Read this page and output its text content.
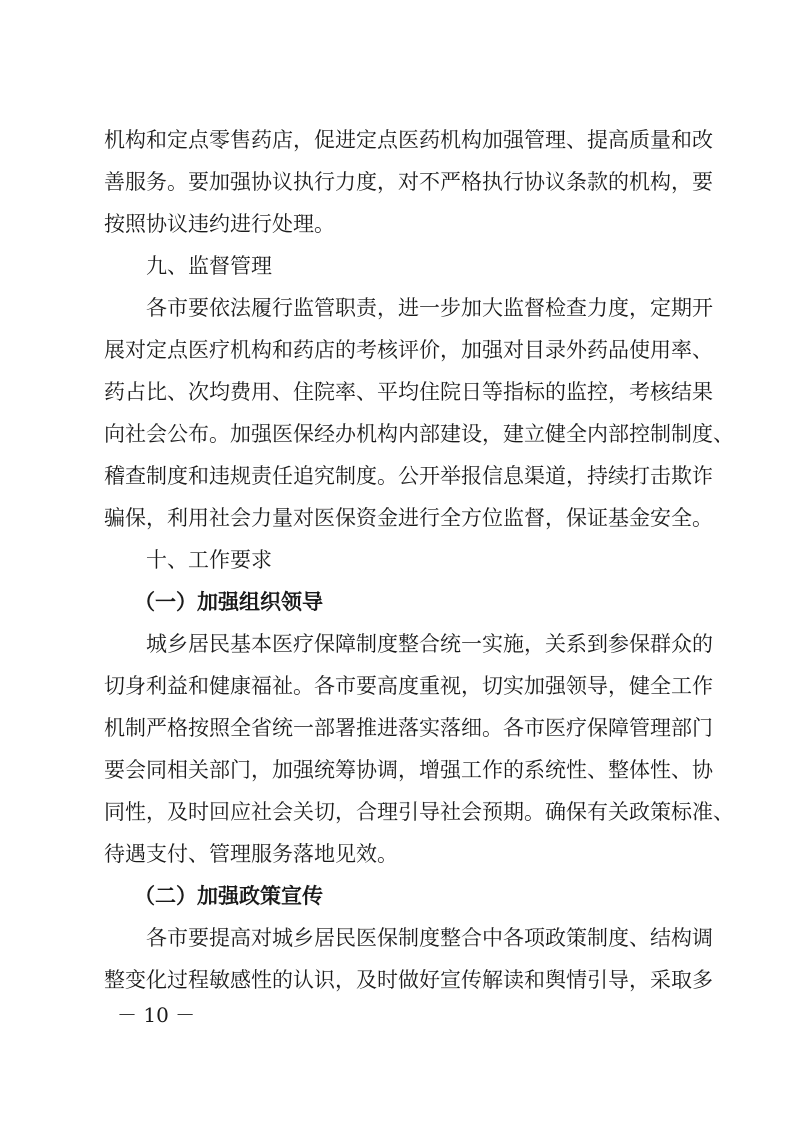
机构和定点零售药店，促进定点医药机构加强管理、提高质量和改
善服务。要加强协议执行力度，对不严格执行协议条款的机构，要
按照协议违约进行处理。
九、监督管理
各市要依法履行监管职责，进一步加大监督检查力度，定期开
展对定点医疗机构和药店的考核评价，加强对目录外药品使用率、
药占比、次均费用、住院率、平均住院日等指标的监控，考核结果
向社会公布。加强医保经办机构内部建设，建立健全内部控制制度、
稽查制度和违规责任追究制度。公开举报信息渠道，持续打击欺诈
骗保，利用社会力量对医保资金进行全方位监督，保证基金安全。
十、工作要求
（一）加强组织领导
城乡居民基本医疗保障制度整合统一实施，关系到参保群众的
切身利益和健康福祉。各市要高度重视，切实加强领导，健全工作
机制严格按照全省统一部署推进落实落细。各市医疗保障管理部门
要会同相关部门，加强统筹协调，增强工作的系统性、整体性、协
同性，及时回应社会关切，合理引导社会预期。确保有关政策标准、
待遇支付、管理服务落地见效。
（二）加强政策宣传
各市要提高对城乡居民医保制度整合中各项政策制度、结构调
整变化过程敏感性的认识，及时做好宣传解读和舆情引导，采取多
－ 10 －
